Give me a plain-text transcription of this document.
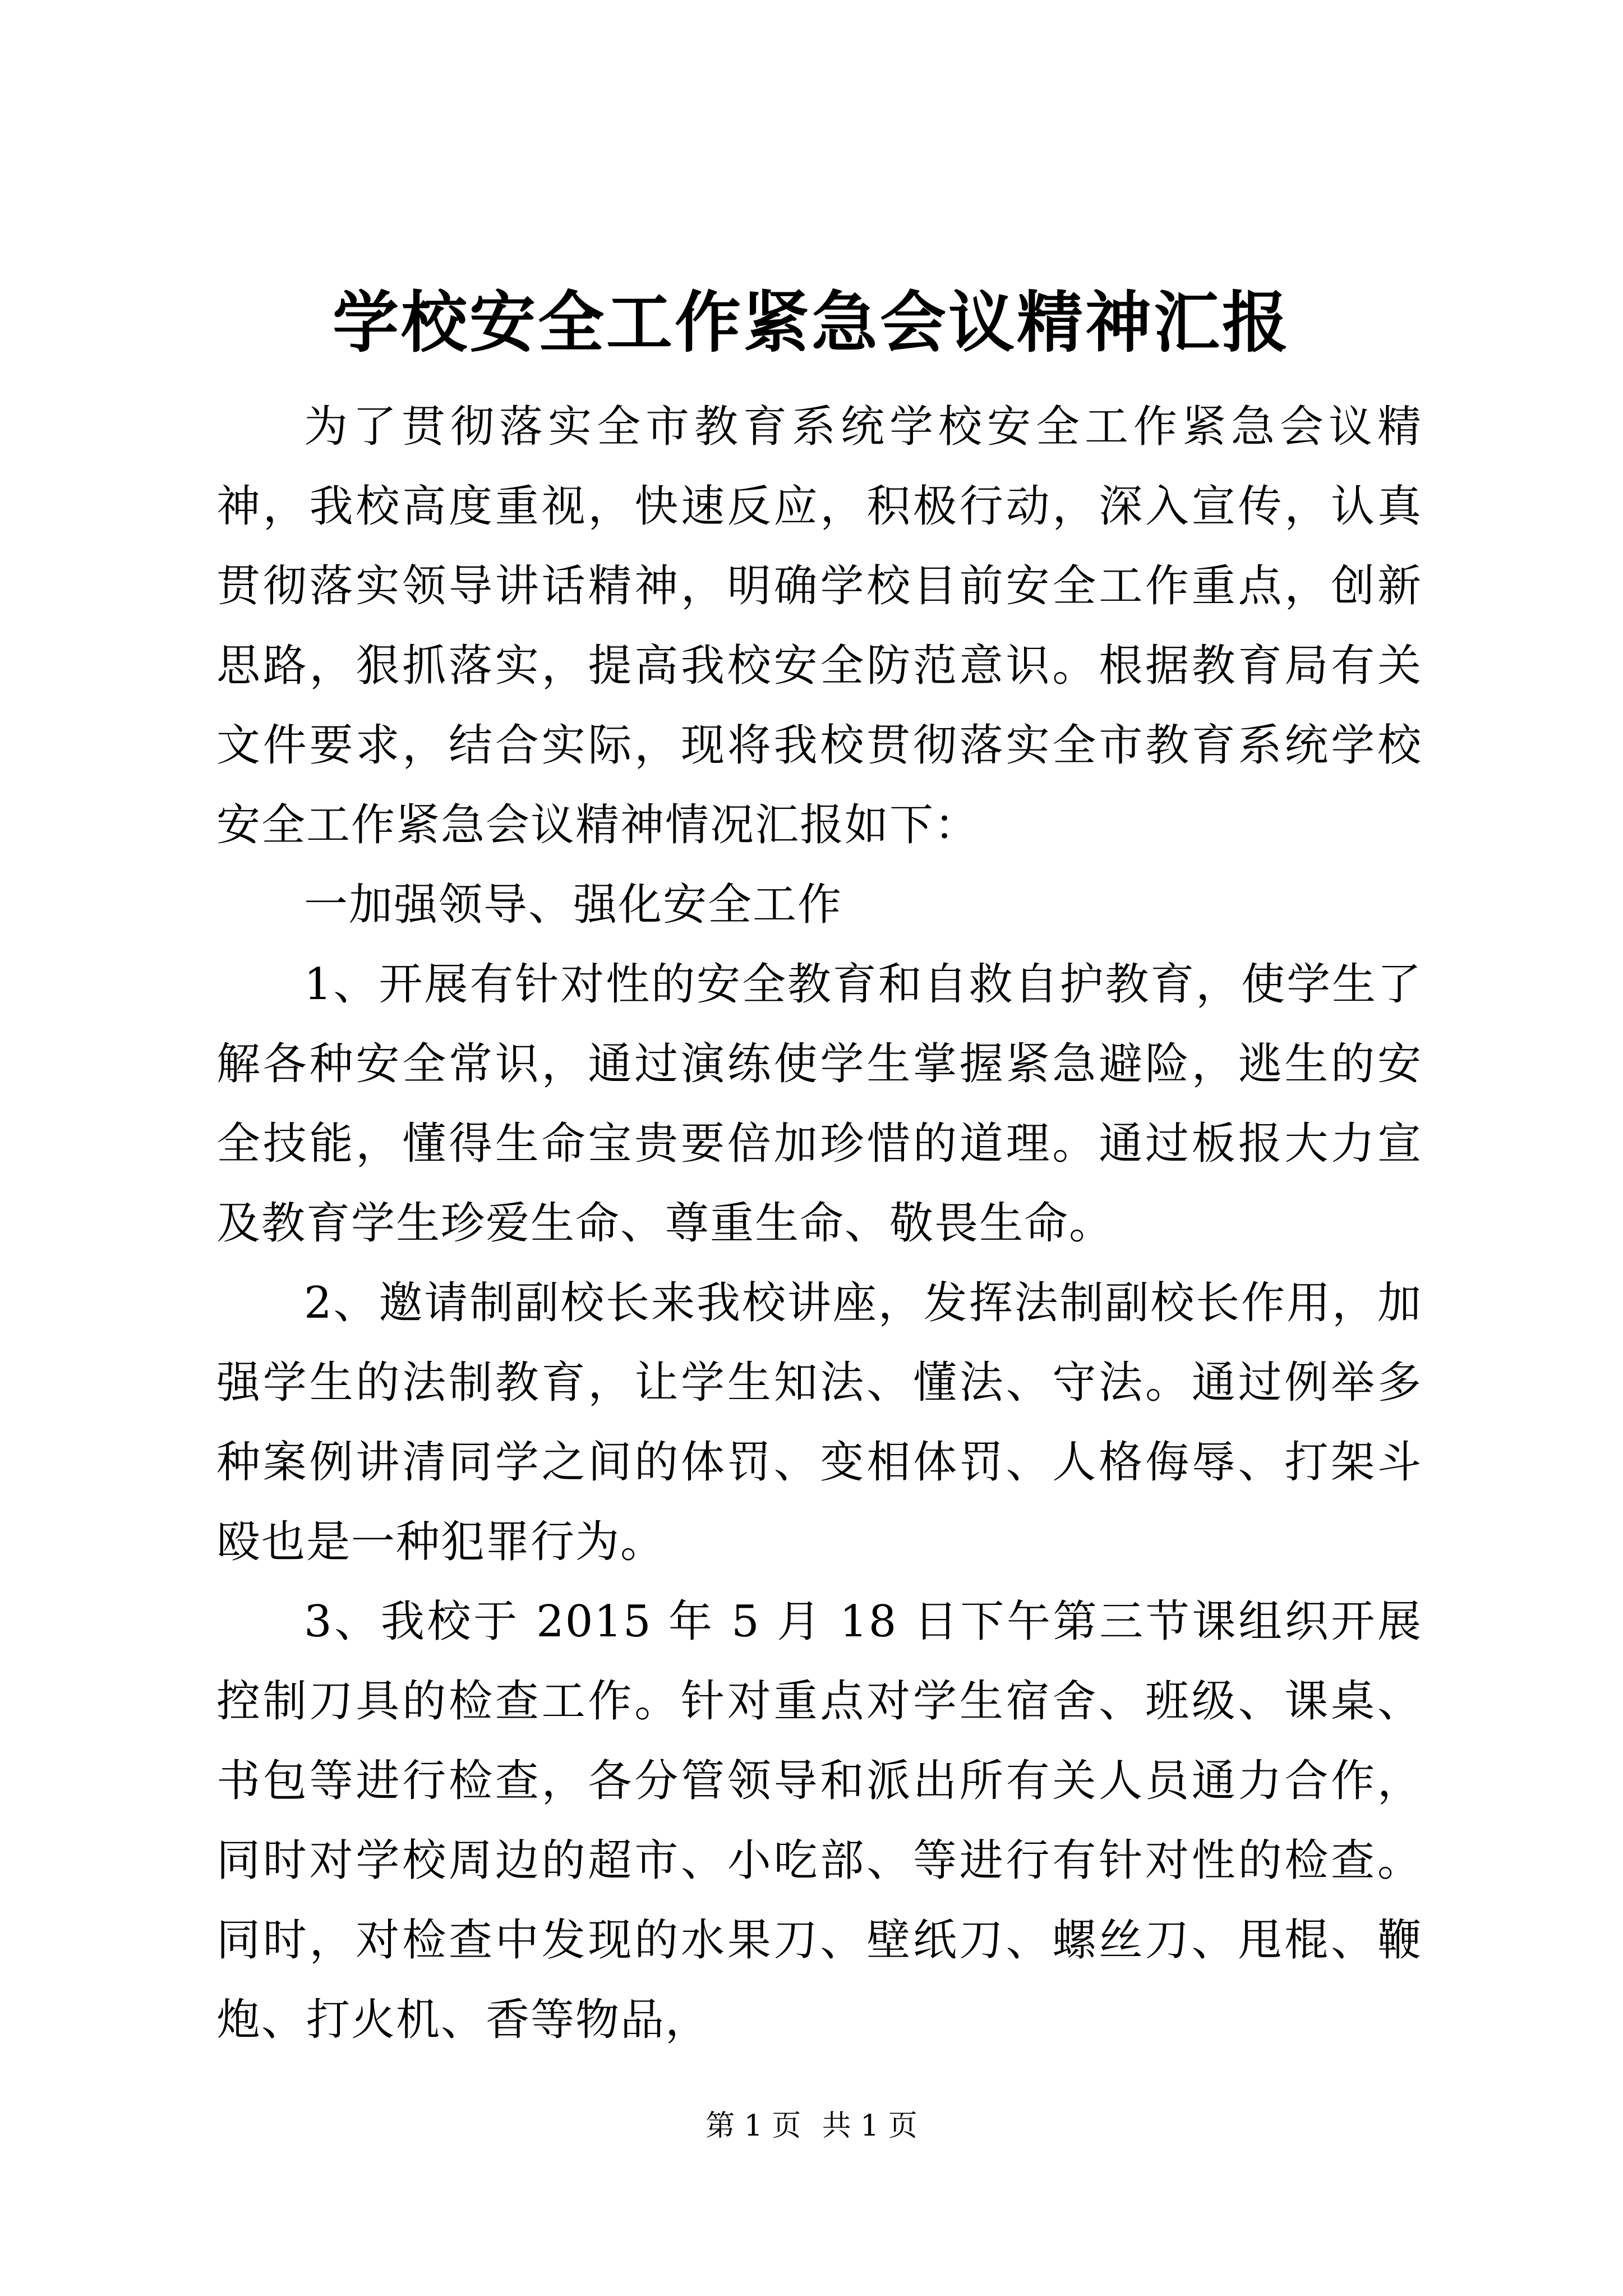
学校安全工作紧急会议精神汇报

为了贯彻落实全市教育系统学校安全工作紧急会议精神，我校高度重视，快速反应，积极行动，深入宣传，认真贯彻落实领导讲话精神，明确学校目前安全工作重点，创新思路，狠抓落实，提高我校安全防范意识。根据教育局有关文件要求，结合实际，现将我校贯彻落实全市教育系统学校安全工作紧急会议精神情况汇报如下：

一加强领导、强化安全工作

1、开展有针对性的安全教育和自救自护教育，使学生了解各种安全常识，通过演练使学生掌握紧急避险，逃生的安全技能，懂得生命宝贵要倍加珍惜的道理。通过板报大力宣及教育学生珍爱生命、尊重生命、敬畏生命。

2、邀请制副校长来我校讲座，发挥法制副校长作用，加强学生的法制教育，让学生知法、懂法、守法。通过例举多种案例讲清同学之间的体罚、变相体罚、人格侮辱、打架斗殴也是一种犯罪行为。

3、我校于 2015 年 5 月 18 日下午第三节课组织开展控制刀具的检查工作。针对重点对学生宿舍、班级、课桌、书包等进行检查，各分管领导和派出所有关人员通力合作，同时对学校周边的超市、小吃部、等进行有针对性的检查。同时，对检查中发现的水果刀、壁纸刀、螺丝刀、甩棍、鞭炮、打火机、香等物品，

第 1 页 共 1 页
